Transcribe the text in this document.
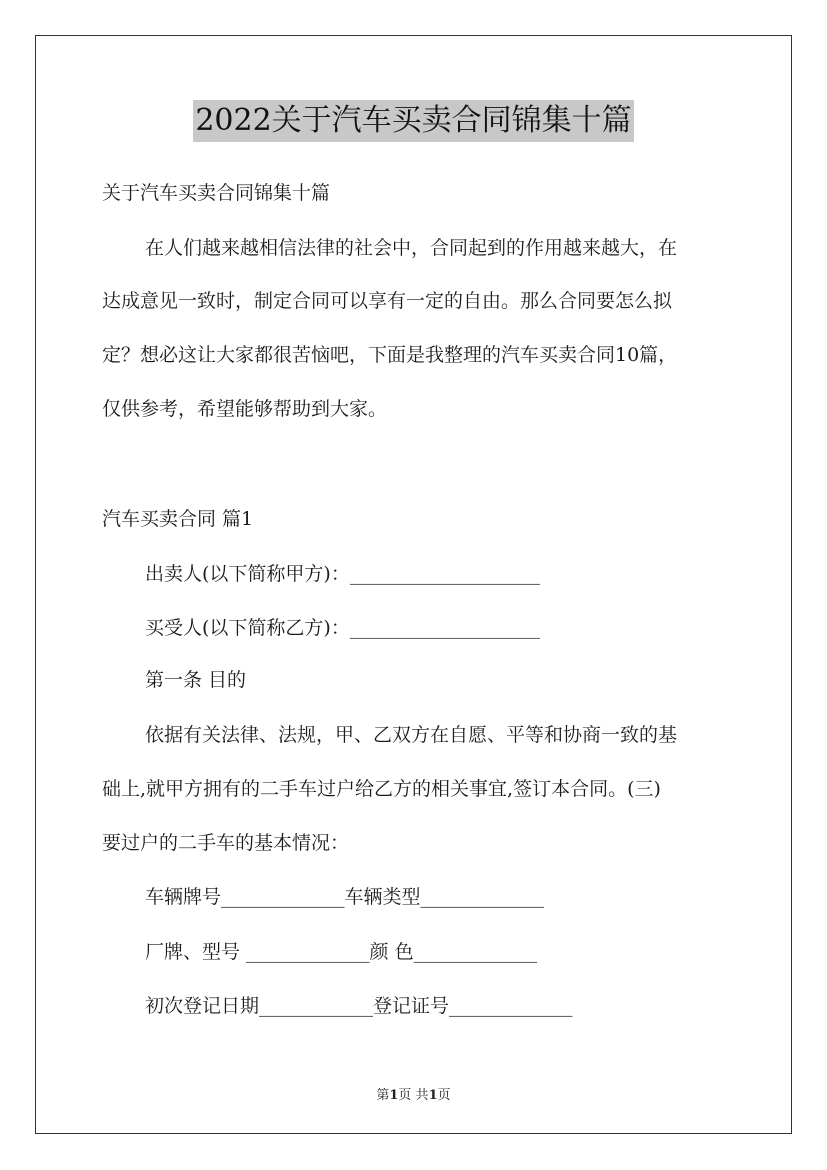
2022关于汽车买卖合同锦集十篇
关于汽车买卖合同锦集十篇
在人们越来越相信法律的社会中，合同起到的作用越来越大，在
达成意见一致时，制定合同可以享有一定的自由。那么合同要怎么拟
定？想必这让大家都很苦恼吧，下面是我整理的汽车买卖合同10篇，
仅供参考，希望能够帮助到大家。
汽车买卖合同 篇1
出卖人(以下简称甲方)：____________________
买受人(以下简称乙方)：____________________
第一条 目的
依据有关法律、法规，甲、乙双方在自愿、平等和协商一致的基
础上,就甲方拥有的二手车过户给乙方的相关事宜,签订本合同。(三)
要过户的二手车的基本情况：
车辆牌号_____________车辆类型_____________
厂牌、型号 _____________颜 色_____________
初次登记日期____________登记证号_____________
第1页 共1页
